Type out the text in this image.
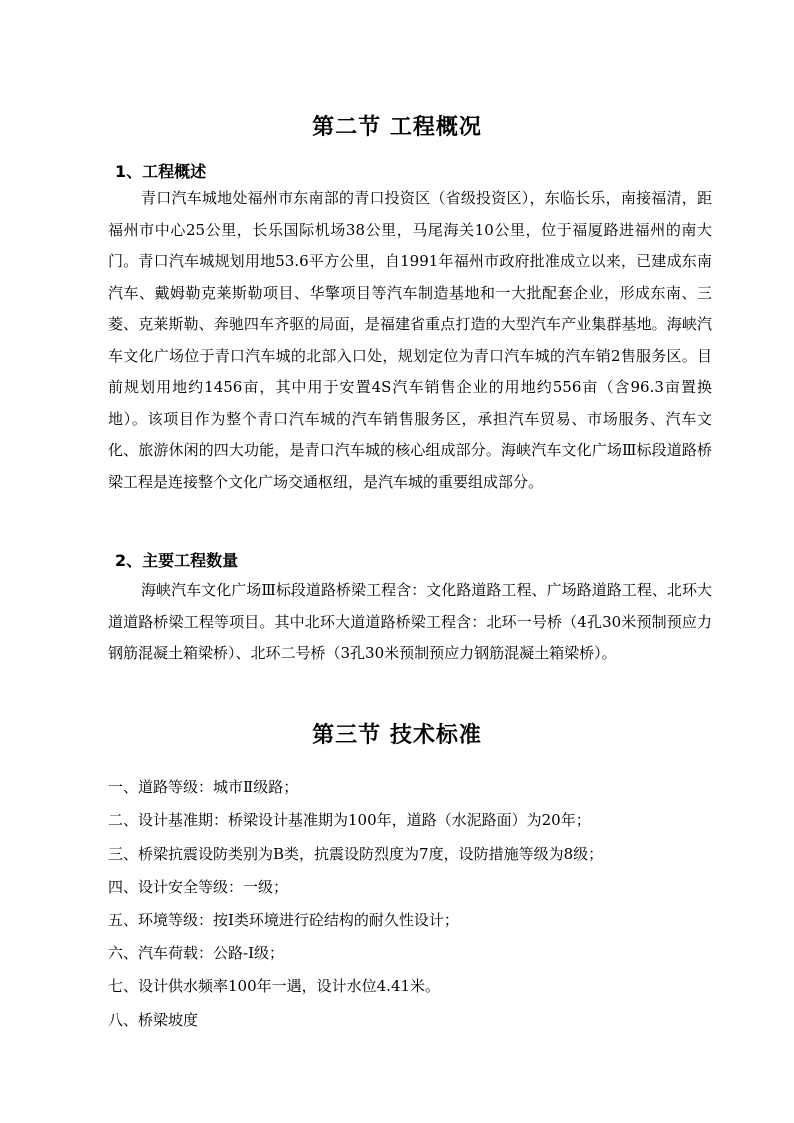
第二节 工程概况
1、工程概述

青口汽车城地处福州市东南部的青口投资区（省级投资区），东临长乐，南接福清，距福州市中心25公里，长乐国际机场38公里，马尾海关10公里，位于福厦路进福州的南大门。青口汽车城规划用地53.6平方公里，自1991年福州市政府批准成立以来，已建成东南汽车、戴姆勒克莱斯勒项目、华擎项目等汽车制造基地和一大批配套企业，形成东南、三菱、克莱斯勒、奔驰四车齐驱的局面，是福建省重点打造的大型汽车产业集群基地。海峡汽车文化广场位于青口汽车城的北部入口处，规划定位为青口汽车城的汽车销2售服务区。目前规划用地约1456亩，其中用于安置4S汽车销售企业的用地约556亩（含96.3亩置换地）。该项目作为整个青口汽车城的汽车销售服务区，承担汽车贸易、市场服务、汽车文化、旅游休闲的四大功能，是青口汽车城的核心组成部分。海峡汽车文化广场Ⅲ标段道路桥梁工程是连接整个文化广场交通枢纽，是汽车城的重要组成部分。

2、主要工程数量

海峡汽车文化广场Ⅲ标段道路桥梁工程含：文化路道路工程、广场路道路工程、北环大道道路桥梁工程等项目。其中北环大道道路桥梁工程含：北环一号桥（4孔30米预制预应力钢筋混凝土箱梁桥）、北环二号桥（3孔30米预制预应力钢筋混凝土箱梁桥）。

第三节 技术标准

一、道路等级：城市Ⅱ级路；

二、设计基准期：桥梁设计基准期为100年，道路（水泥路面）为20年；

三、桥梁抗震设防类别为B类，抗震设防烈度为7度，设防措施等级为8级；

四、设计安全等级：一级；

五、环境等级：按Ⅰ类环境进行砼结构的耐久性设计；

六、汽车荷载：公路-Ⅰ级；

七、设计供水频率100年一遇，设计水位4.41米。

八、桥梁坡度
